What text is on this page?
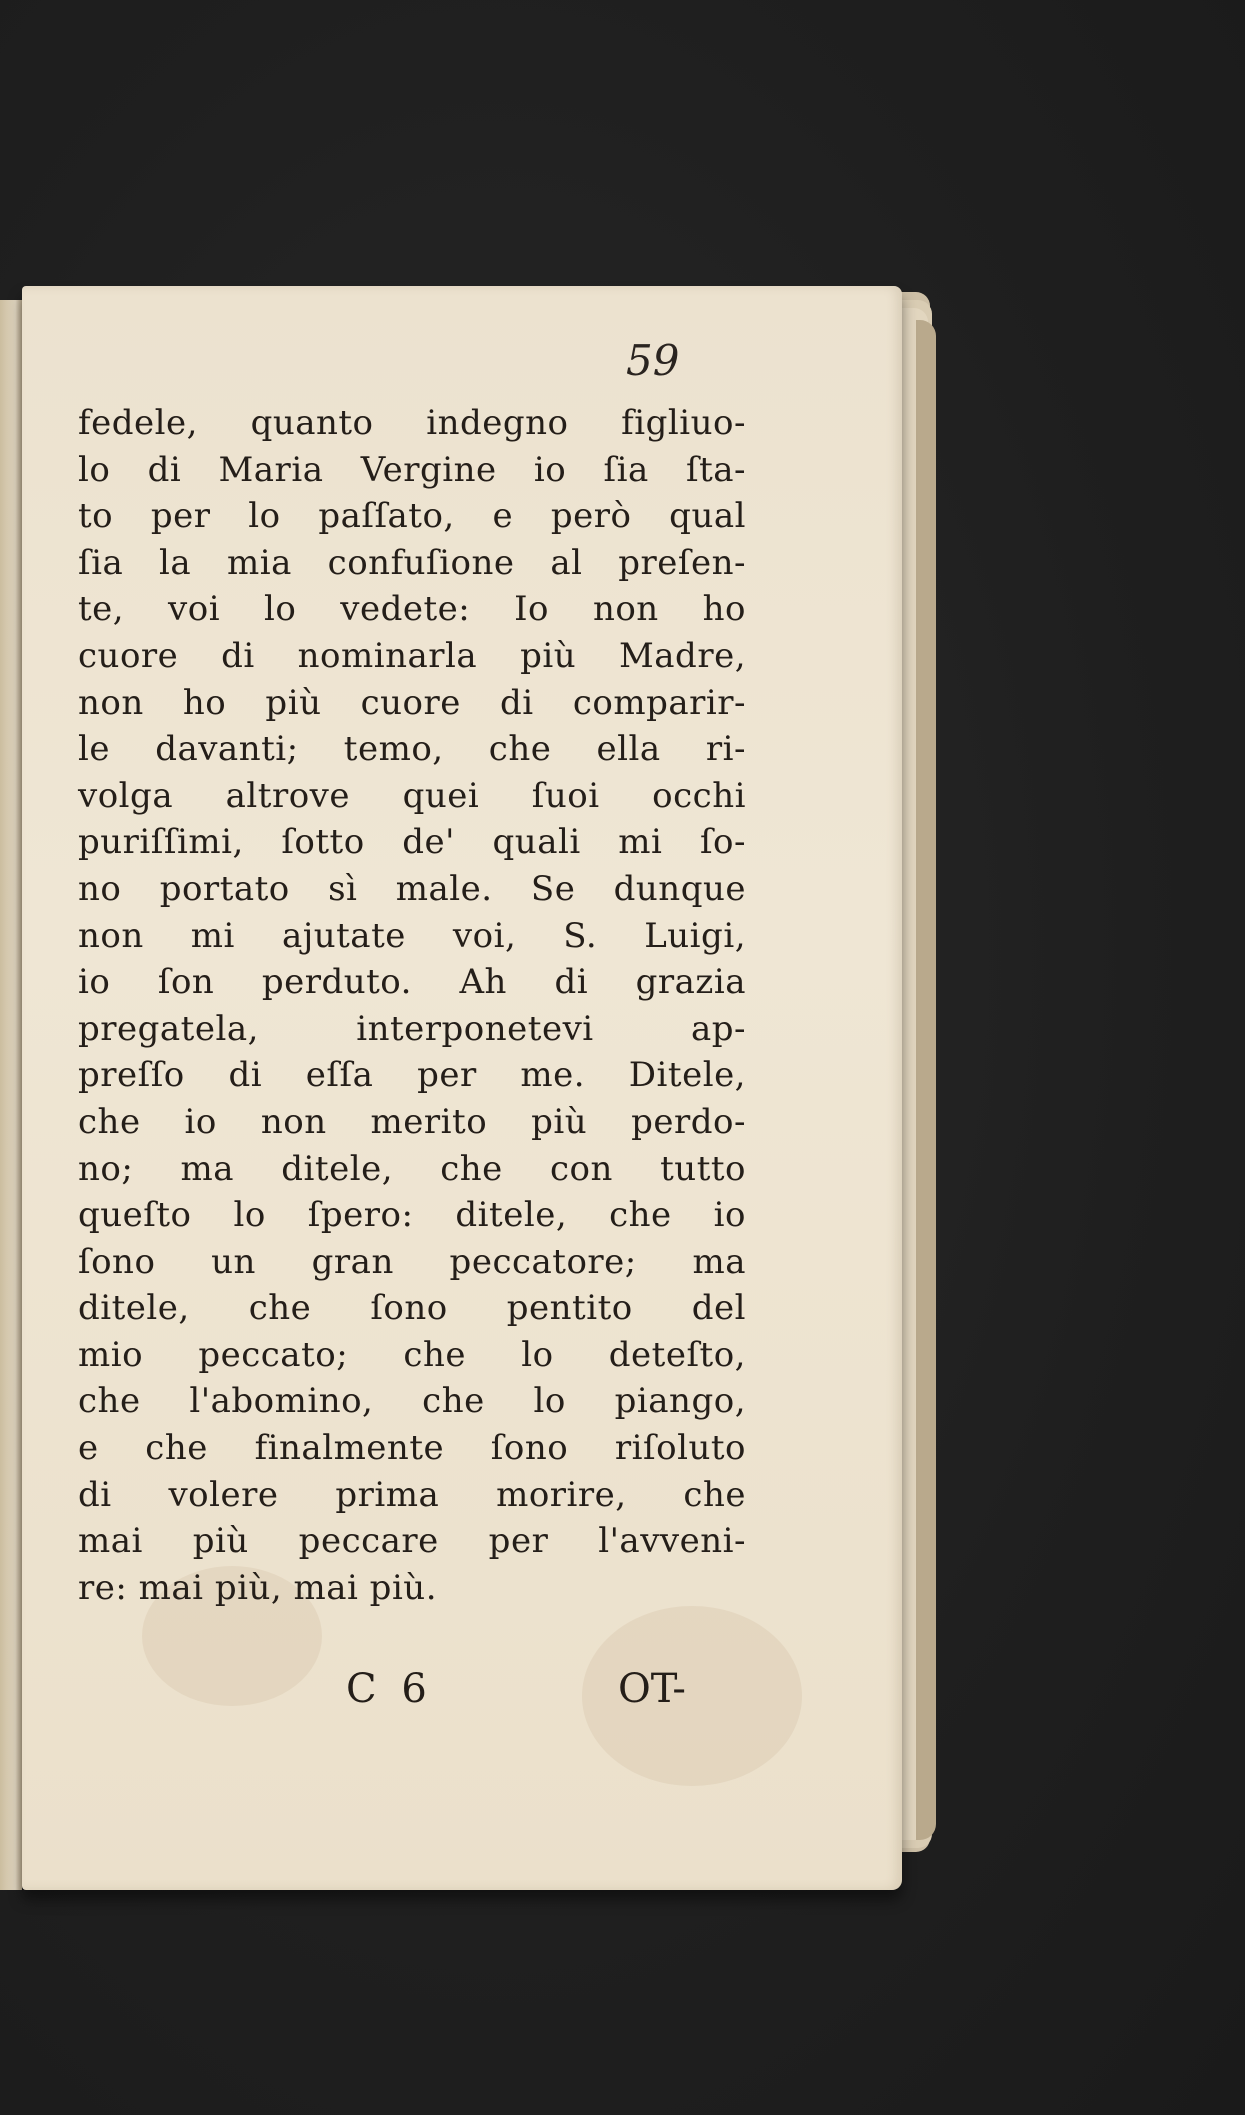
59
fedele, quanto indegno figliuo-
lo di Maria Vergine io ſia ſta-
to per lo paſſato, e però qual
ſia la mia confuſione al preſen-
te, voi lo vedete: Io non ho
cuore di nominarla più Madre,
non ho più cuore di comparir-
le davanti; temo, che ella ri-
volga altrove quei ſuoi occhi
puriſſimi, ſotto de' quali mi ſo-
no portato sì male. Se dunque
non mi ajutate voi, S. Luigi,
io ſon perduto. Ah di grazia
pregatela, interponetevi ap-
preſſo di eſſa per me. Ditele,
che io non merito più perdo-
no; ma ditele, che con tutto
queſto lo ſpero: ditele, che io
ſono un gran peccatore; ma
ditele, che ſono pentito del
mio peccato; che lo deteſto,
che l'abomino, che lo piango,
e che finalmente ſono riſoluto
di volere prima morire, che
mai più peccare per l'avveni-
re: mai più, mai più.
C 6	OT-
